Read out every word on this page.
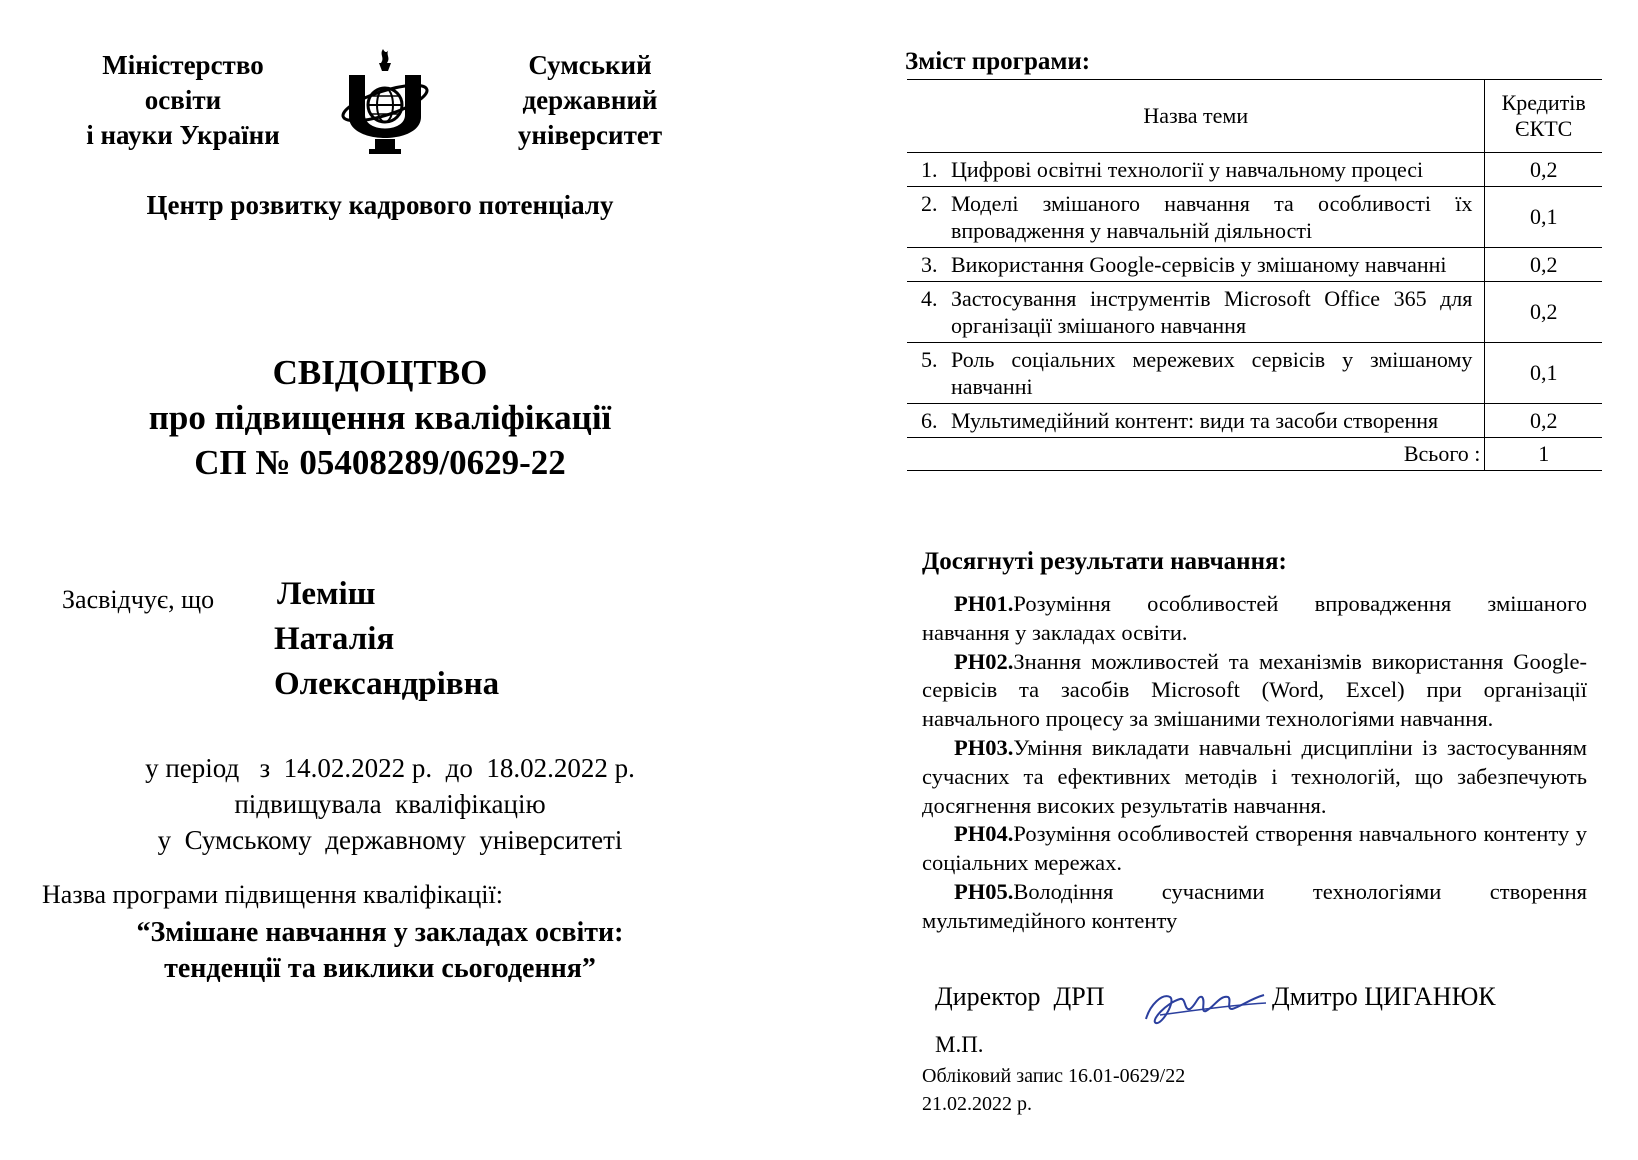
Міністерство
освіти
і науки України
Сумський
державний
університет
Центр розвитку кадрового потенціалу
СВІДОЦТВО
про підвищення кваліфікації
СП № 05408289/0629-22
Засвідчує, що Леміш
Наталія
Олександрівна
у період з 14.02.2022 р. до 18.02.2022 р.
підвищувала  кваліфікацію
у  Сумському  державному  університеті
Назва програми підвищення кваліфікації:
“Змішане навчання у закладах освіти:
тенденції та виклики сьогодення”
Зміст програми:
Назва теми	Кредитів
ЄКТС

1. Цифрові освітні технології у навчальному процесі	0,2

2. Моделі змішаного навчання та особливості їх впровадження у навчальній діяльності	0,1

3. Використання Google-сервісів у змішаному навчанні	0,2

4. Застосування інструментів Microsoft Office 365 для організації змішаного навчання	0,2

5. Роль соціальних мережевих сервісів у змішаному навчанні	0,1

6. Мультимедійний контент: види та засоби створення	0,2
Всього :	1
Досягнуті результати навчання:

РН01.Розуміння особливостей впровадження змішаного навчання у закладах освіти.

РН02.Знання можливостей та механізмів використання Google-сервісів та засобів Microsoft (Word, Excel) при організації навчального процесу за змішаними технологіями навчання.

РН03.Уміння викладати навчальні дисципліни із застосуванням сучасних та ефективних методів і технологій, що забезпечують досягнення високих результатів навчання.

РН04.Розуміння особливостей створення навчального контенту у соціальних мережах.

РН05.Володіння сучасними технологіями створення мультимедійного контенту

Директор  ДРП	Дмитро ЦИГАНЮК
М.П.
Обліковий запис 16.01-0629/22
21.02.2022 р.
